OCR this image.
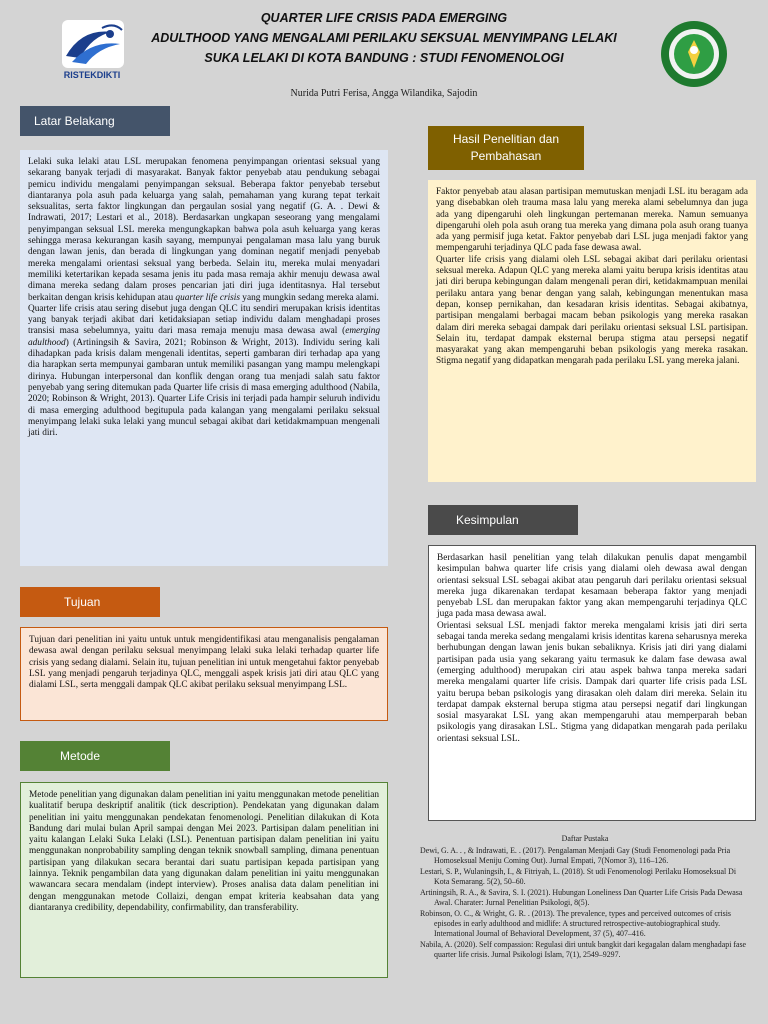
RISTEKDIKTI
QUARTER LIFE CRISIS PADA EMERGING
ADULTHOOD YANG MENGALAMI PERILAKU SEKSUAL MENYIMPANG LELAKI
SUKA LELAKI DI KOTA BANDUNG : STUDI FENOMENOLOGI
Nurida Putri Ferisa, Angga Wilandika, Sajodin
Latar Belakang

Lelaki suka lelaki atau LSL merupakan fenomena penyimpangan orientasi seksual yang sekarang banyak terjadi di masyarakat. Banyak faktor penyebab atau pendukung sebagai pemicu individu mengalami penyimpangan seksual. Beberapa faktor penyebab tersebut diantaranya pola asuh pada keluarga yang salah, pemahaman yang kurang tepat terkait seksualitas, serta faktor lingkungan dan pergaulan sosial yang negatif (G. A. . Dewi & Indrawati, 2017; Lestari et al., 2018). Berdasarkan ungkapan seseorang yang mengalami penyimpangan seksual LSL mereka mengungkapkan bahwa pola asuh keluarga yang keras sehingga merasa kekurangan kasih sayang, mempunyai pengalaman masa lalu yang buruk dengan lawan jenis, dan berada di lingkungan yang dominan negatif menjadi penyebab mereka mengalami orientasi seksual yang berbeda. Selain itu, mereka mulai menyadari memiliki ketertarikan kepada sesama jenis itu pada masa remaja akhir menuju dewasa awal dimana mereka sedang dalam proses pencarian jati diri juga identitasnya. Hal tersebut berkaitan dengan krisis kehidupan atau quarter life crisis yang mungkin sedang mereka alami.

Quarter life crisis atau sering disebut juga dengan QLC itu sendiri merupakan krisis identitas yang banyak terjadi akibat dari ketidaksiapan setiap individu dalam menghadapi proses transisi masa sebelumnya, yaitu dari masa remaja menuju masa dewasa awal (emerging adulthood) (Artiningsih & Savira, 2021; Robinson & Wright, 2013). Individu sering kali dihadapkan pada krisis dalam mengenali identitas, seperti gambaran diri terhadap apa yang dia harapkan serta mempunyai gambaran untuk memiliki pasangan yang mampu melengkapi dirinya. Hubungan interpersonal dan konflik dengan orang tua menjadi salah satu faktor penyebab yang sering ditemukan pada Quarter life crisis di masa emerging adulthood (Nabila, 2020; Robinson & Wright, 2013). Quarter Life Crisis ini terjadi pada hampir seluruh individu di masa emerging adulthood begitupula pada kalangan yang mengalami perilaku seksual menyimpang lelaki suka lelaki yang muncul sebagai akibat dari ketidakmampuan mengenali jati diri.

Tujuan

Tujuan dari penelitian ini yaitu untuk untuk mengidentifikasi atau menganalisis pengalaman dewasa awal dengan perilaku seksual menyimpang lelaki suka lelaki terhadap quarter life crisis yang sedang dialami. Selain itu, tujuan penelitian ini untuk mengetahui faktor penyebab LSL yang menjadi pengaruh terjadinya QLC, menggali aspek krisis jati diri atau QLC yang dialami LSL, serta menggali dampak QLC akibat perilaku seksual menyimpang LSL.

Metode

Metode penelitian yang digunakan dalam penelitian ini yaitu menggunakan metode penelitian kualitatif berupa deskriptif analitik (tick description). Pendekatan yang digunakan dalam penelitian ini yaitu menggunakan pendekatan fenomenologi. Penelitian dilakukan di Kota Bandung dari mulai bulan April sampai dengan Mei 2023. Partisipan dalam penelitian ini yaitu kalangan Lelaki Suka Lelaki (LSL). Penentuan partisipan dalam penelitian ini yaitu menggunakan nonprobability sampling dengan teknik snowball sampling, dimana penentuan partisipan yang dilakukan secara berantai dari suatu partisipan kepada partisipan yang lainnya. Teknik pengambilan data yang digunakan dalam penelitian ini yaitu menggunakan wawancara secara mendalam (indept interview). Proses analisa data dalam penelitian ini dengan menggunakan metode Collaizi, dengan empat kriteria keabsahan data yang diantaranya credibility, dependability, confirmability, dan transferability.

Hasil Penelitian dan
Pembahasan

Faktor penyebab atau alasan partisipan memutuskan menjadi LSL itu beragam ada yang disebabkan oleh trauma masa lalu yang mereka alami sebelumnya dan juga ada yang dipengaruhi oleh lingkungan pertemanan mereka. Namun semuanya dipengaruhi oleh pola asuh orang tua mereka yang dimana pola asuh orang tuanya ada yang permisif juga ketat. Faktor penyebab dari LSL juga menjadi faktor yang mempengaruhi terjadinya QLC pada fase dewasa awal.

Quarter life crisis yang dialami oleh LSL sebagai akibat dari perilaku orientasi seksual mereka. Adapun QLC yang mereka alami yaitu berupa krisis identitas atau jati diri berupa kebingungan dalam mengenali peran diri, ketidakmampuan menilai perilaku antara yang benar dengan yang salah, kebingungan menentukan masa depan, konsep pernikahan, dan kesadaran krisis identitas. Sebagai akibatnya, partisipan mengalami berbagai macam beban psikologis yang mereka rasakan dalam diri mereka sebagai dampak dari perilaku orientasi seksual LSL partisipan. Selain itu, terdapat dampak eksternal berupa stigma atau persepsi negatif masyarakat yang akan mempengaruhi beban psikologis yang mereka rasakan. Stigma negatif yang didapatkan mengarah pada perilaku LSL yang mereka jalani.

Kesimpulan

Berdasarkan hasil penelitian yang telah dilakukan penulis dapat mengambil kesimpulan bahwa quarter life crisis yang dialami oleh dewasa awal dengan orientasi seksual LSL sebagai akibat atau pengaruh dari perilaku orientasi seksual mereka juga dikarenakan terdapat kesamaan beberapa faktor yang menjadi penyebab LSL dan merupakan faktor yang akan mempengaruhi terjadinya QLC juga pada masa dewasa awal.

Orientasi seksual LSL menjadi faktor mereka mengalami krisis jati diri serta sebagai tanda mereka sedang mengalami krisis identitas karena seharusnya mereka berhubungan dengan lawan jenis bukan sebaliknya. Krisis jati diri yang dialami partisipan pada usia yang sekarang yaitu termasuk ke dalam fase dewasa awal (emerging adulthood) merupakan ciri atau aspek bahwa tanpa mereka sadari mereka mengalami quarter life crisis. Dampak dari quarter life crisis pada LSL yaitu berupa beban psikologis yang dirasakan oleh dalam diri mereka. Selain itu terdapat dampak eksternal berupa stigma atau persepsi negatif dari lingkungan sosial masyarakat LSL yang akan mempengaruhi atau memperparah beban psikologis yang dirasakan LSL. Stigma yang didapatkan mengarah pada perilaku orientasi seksual LSL.

Daftar Pustaka
Dewi, G. A. . , & Indrawati, E. . (2017). Pengalaman Menjadi Gay (Studi Fenomenologi pada Pria Homoseksual Meniju Coming Out). Jurnal Empati, 7(Nomor 3), 116–126.
Lestari, S. P., Wulaningsih, I., & Fitriyah, L. (2018). St udi Fenomenologi Perilaku Homoseksual Di Kota Semarang. 5(2), 50–60.
Artiningsih, R. A., & Savira, S. I. (2021). Hubungan Loneliness Dan Quarter Life Crisis Pada Dewasa Awal. Charater: Jurnal Penelitian Psikologi, 8(5).
Robinson, O. C., & Wright, G. R. . (2013). The prevalence, types and perceived outcomes of crisis episodes in early adulthood and midlife: A structured retrospective-autobiographical study. International Journal of Behavioral Development, 37 (5), 407–416.
Nabila, A. (2020). Self compassion: Regulasi diri untuk bangkit dari kegagalan dalam menghadapi fase quarter life crisis. Jurnal Psikologi Islam, 7(1), 2549–9297.
